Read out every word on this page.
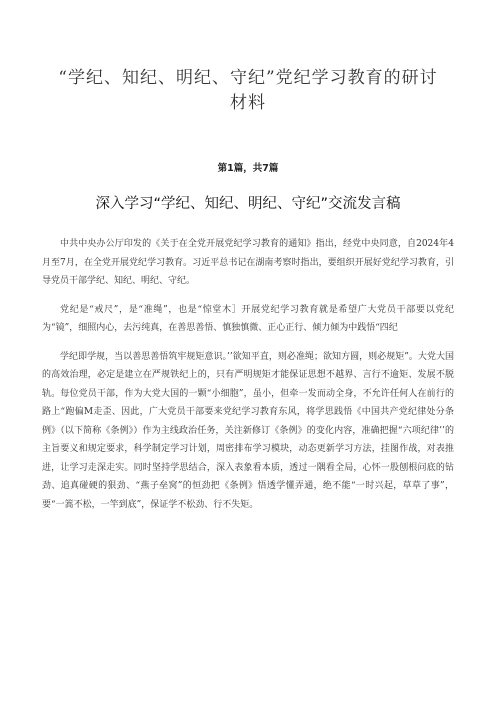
“学纪、知纪、明纪、守纪”党纪学习教育的研讨
材料
第1篇，共7篇
深入学习“学纪、知纪、明纪、守纪”交流发言稿

中共中央办公厅印发的《关于在全党开展党纪学习教育的通知》指出，经党中央同意，自2024年4月至7月，在全党开展党纪学习教育。习近平总书记在湖南考察时指出，要组织开展好党纪学习教育，引导党员干部学纪、知纪、明纪、守纪。

党纪是“戒尺”，是“准绳”，也是“惊堂木］开展党纪学习教育就是希望广大党员干部要以党纪为“镜”，细照内心，去污纯真，在善思善悟、慎独慎微、正心正行、倾力倾为中践悟“四纪

学纪即学规，当以善思善悟筑牢规矩意识。’’欲知平直，则必准绳；欲知方圆，则必规矩”。大党大国的高效治理，必定是建立在严规铁纪上的，只有严明规矩才能保证思想不越界、言行不逾矩、发展不脱轨。每位党员干部，作为大党大国的一颗“小细胞”，虽小，但牵一发而动全身，不允许任何人在前行的路上“跑偏M走歪、因此，广大党员干部要来党纪学习教育东风，将学思践悟《中国共产党纪律处分条例》（以下简称《条例》）作为主线政治任务，关注新修订《条例》的变化内容，准确把握“六项纪律’’的主旨要义和规定要求，科学制定学习计划，周密排布学习模块，动态更新学习方法，挂图作战，对表推进，让学习走深走实。同时坚持学思结合，深入表象看本质，透过一隅看全局，心怀一股刨根问底的钻劲、追真碰硬的狠劲、“燕子垒窝”的恒劲把《条例》悟透学懂弄通，绝不能“一时兴起，草草了事”，要“一篙不松，一竿到底”，保证学不松劲、行不失矩。
